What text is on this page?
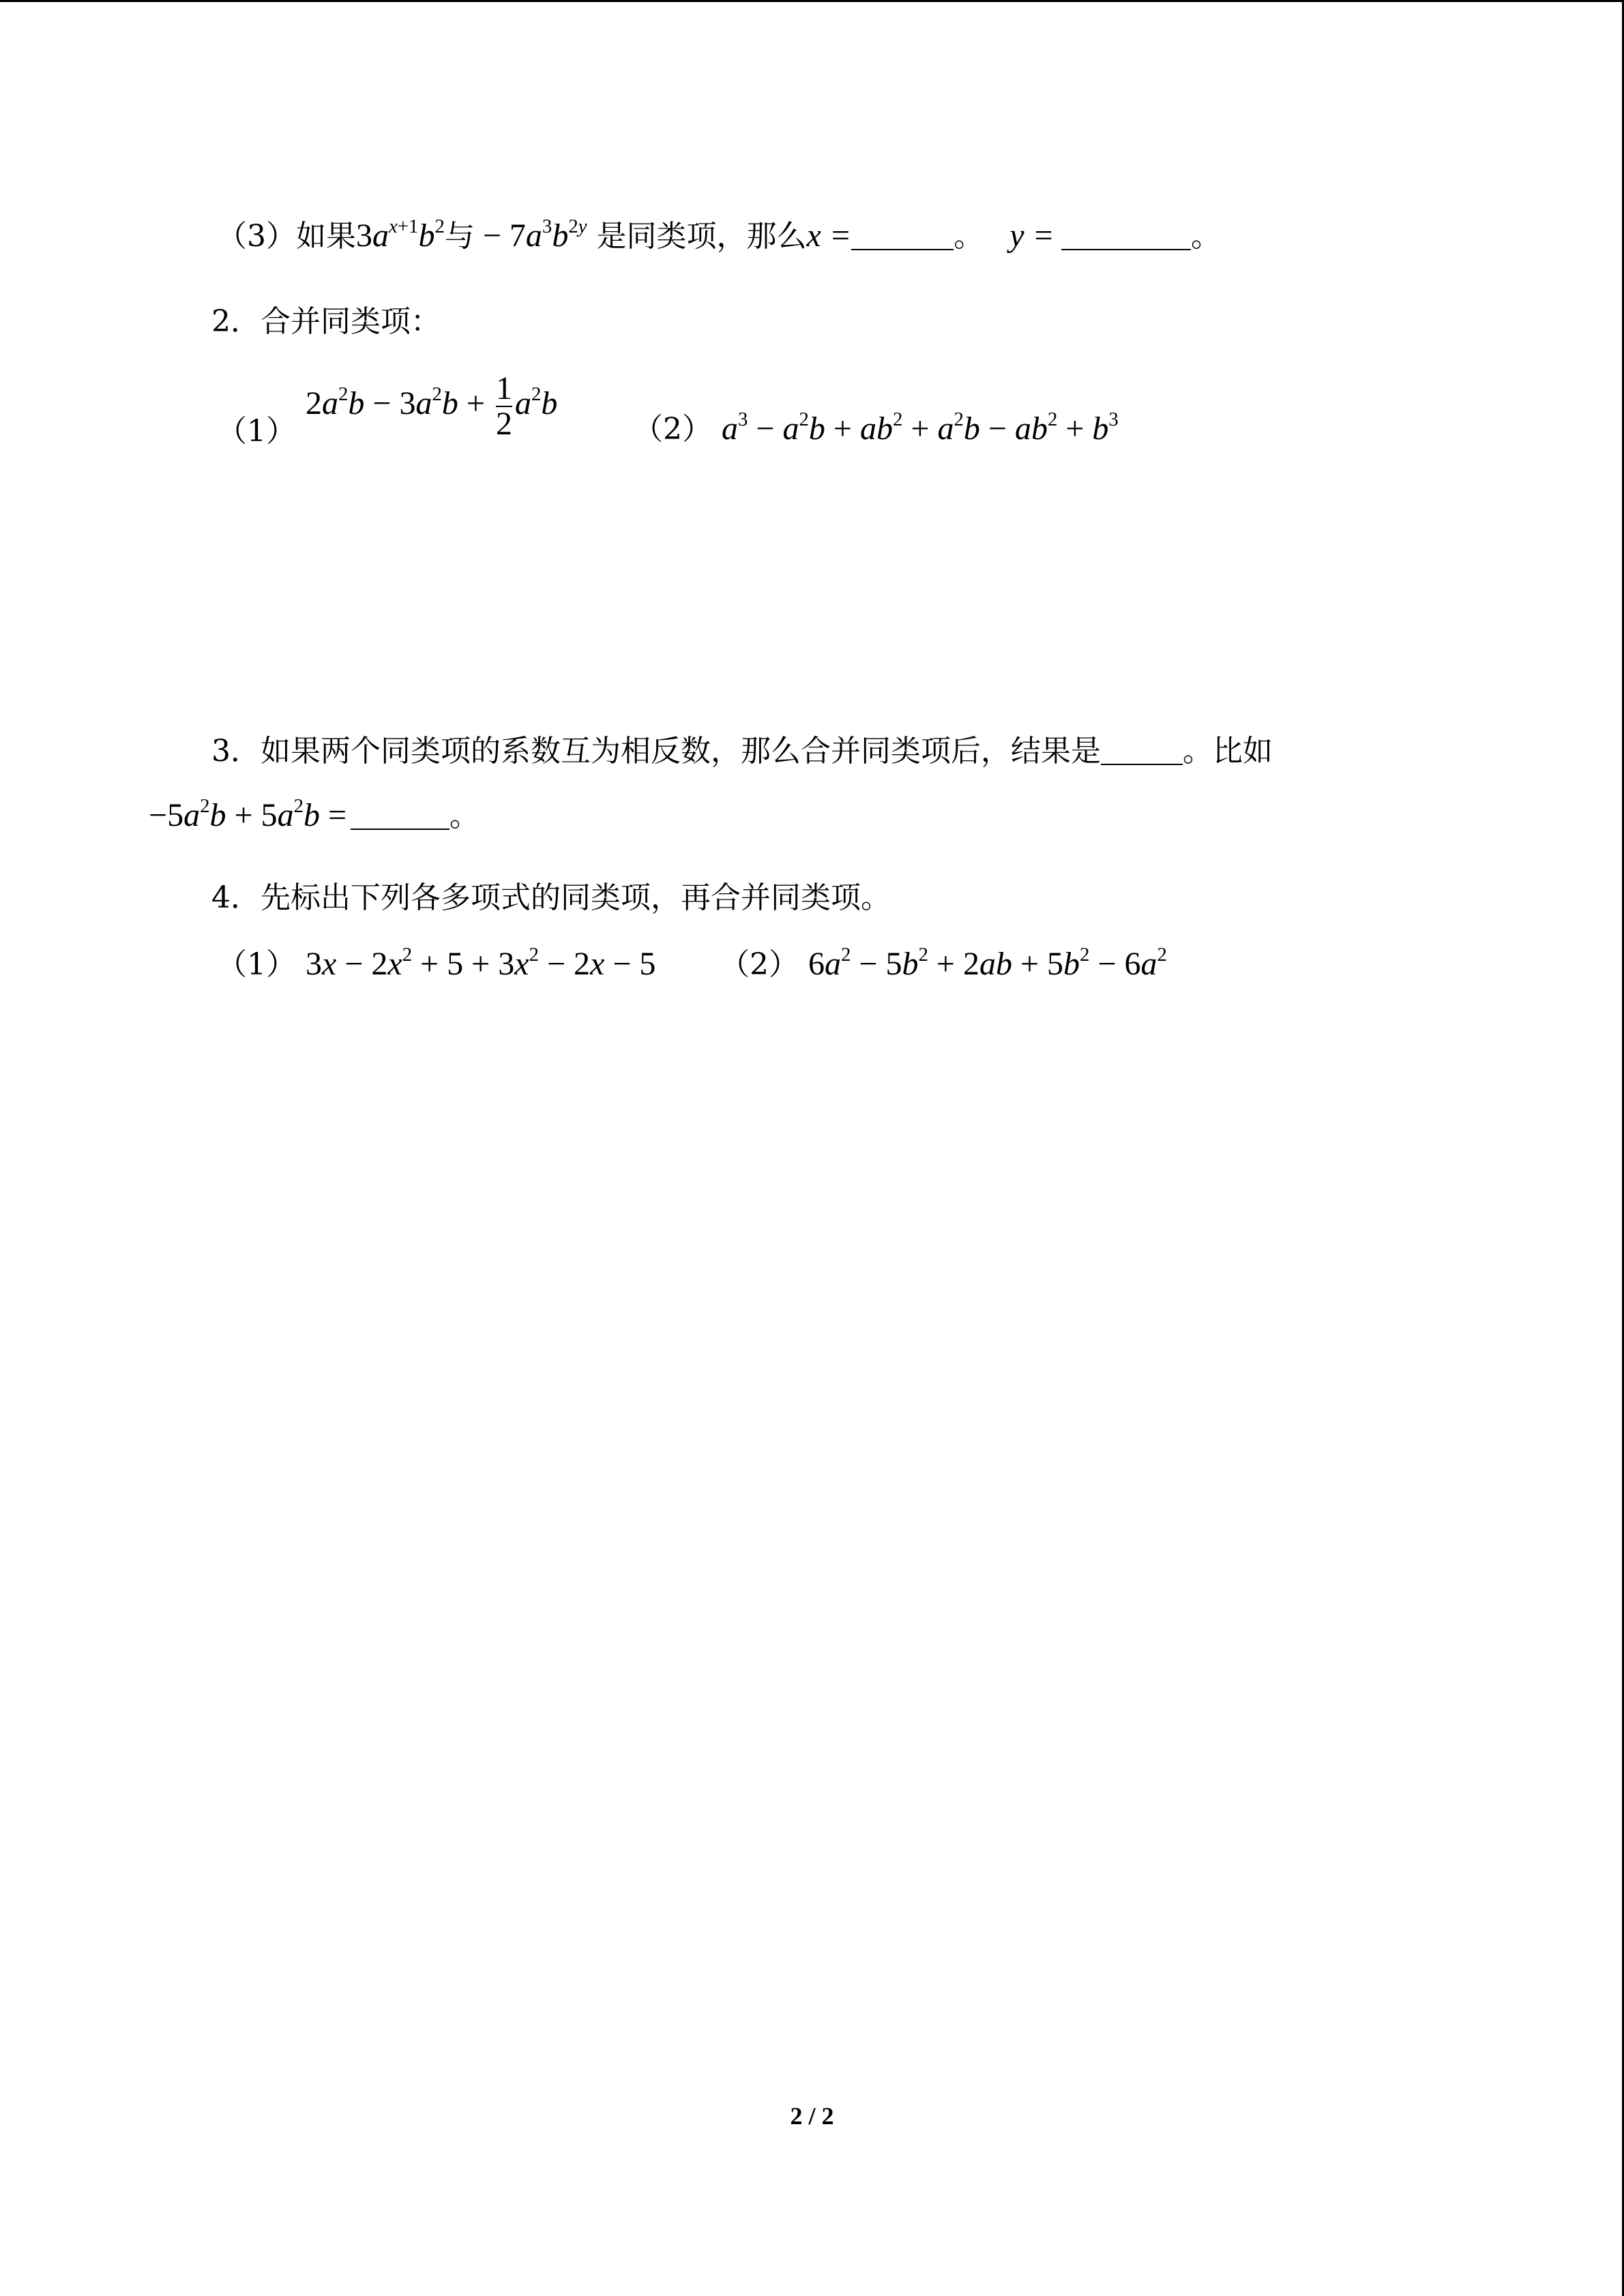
（3）如果$3a^{x+1}b^2$与 − $7a^3b^{2y}$ 是同类项，那么x =	。 y =	。
2．合并同类项：
（1） $2a^2b - 3a^2b + \frac{1}{2} a^2b$
（2） $a^3 - a^2b + ab^2 + a^2b - ab^2 + b^3$
3．如果两个同类项的系数互为相反数，那么合并同类项后，结果是	。比如
$-5a^2b + 5a^2b$ =	。
4．先标出下列各多项式的同类项，再合并同类项。
（1） $3x - 2x^2 + 5 + 3x^2 - 2x - 5$ （2） $6a^2 - 5b^2 + 2ab + 5b^2 - 6a^2$
2 / 2
